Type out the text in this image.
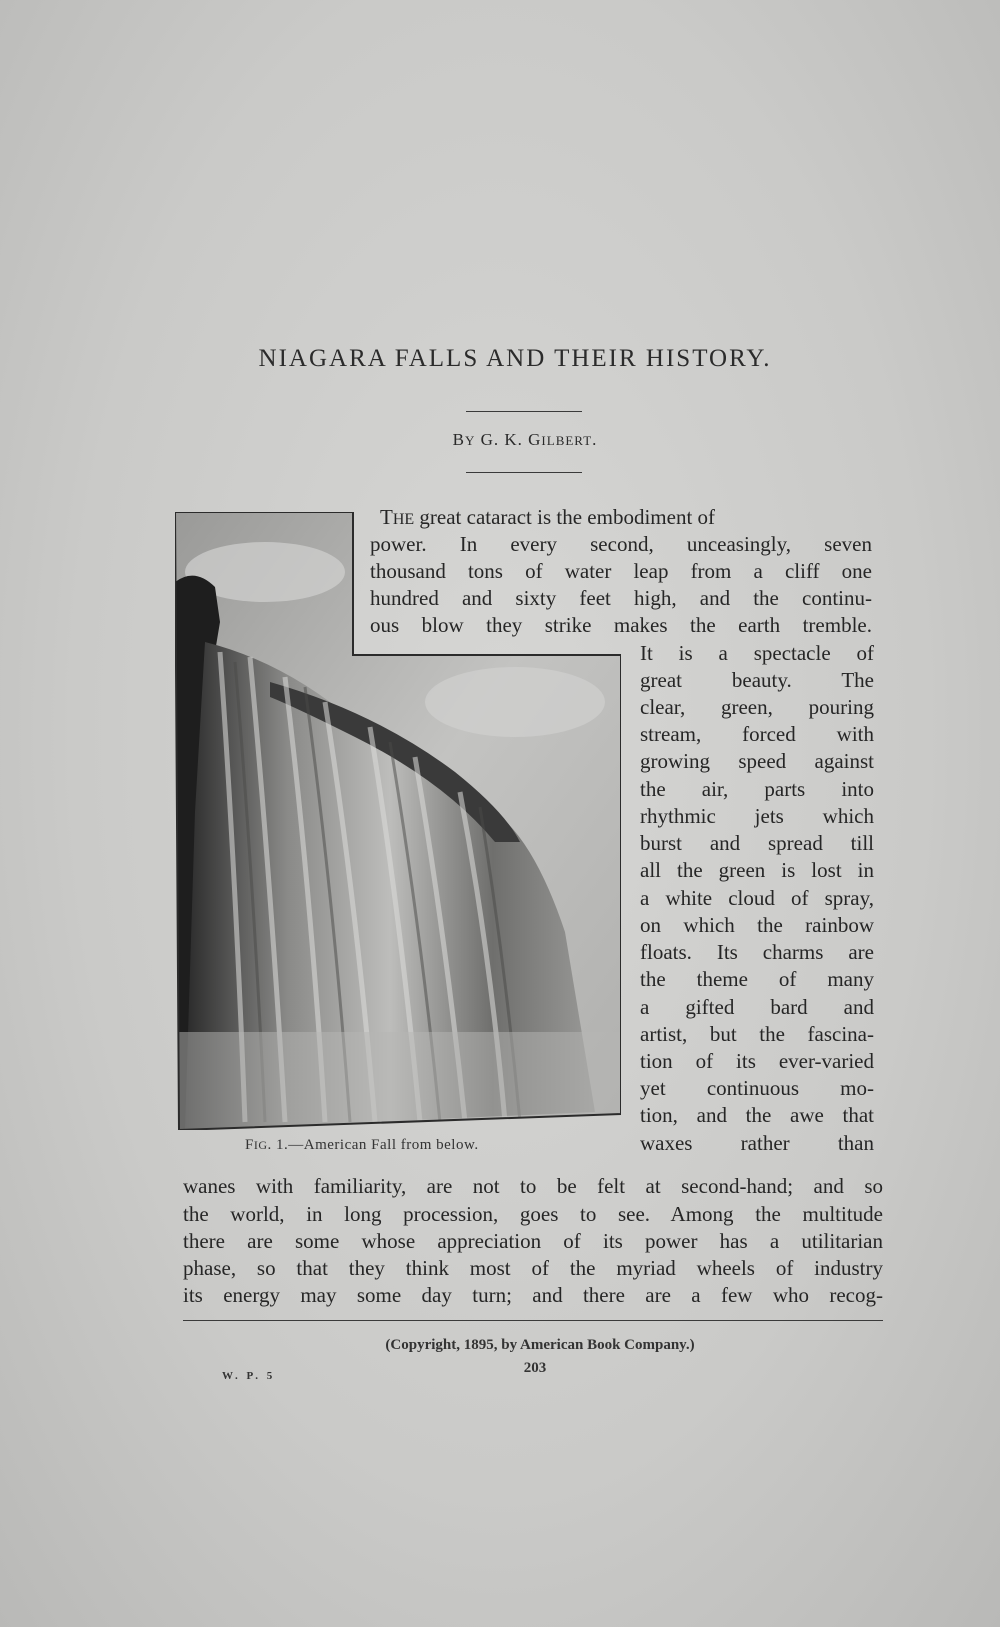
NIAGARA FALLS AND THEIR HISTORY.
BY G. K. GILBERT.
THE great cataract is the embodiment of
power. In every second, unceasingly, seven
thousand tons of water leap from a cliff one
hundred and sixty feet high, and the continu-
ous blow they strike makes the earth tremble.
It is a spectacle of
great beauty. The
clear, green, pouring
stream, forced with
growing speed against
the air, parts into
rhythmic jets which
burst and spread till
all the green is lost in
a white cloud of spray,
on which the rainbow
floats. Its charms are
the theme of many
a gifted bard and
artist, but the fascina-
tion of its ever-varied
yet continuous mo-
tion, and the awe that
waxes rather than
wanes with familiarity, are not to be felt at second-hand; and so
the world, in long procession, goes to see. Among the multitude
there are some whose appreciation of its power has a utilitarian
phase, so that they think most of the myriad wheels of industry
its energy may some day turn; and there are a few who recog-
FIG. 1.—American Fall from below.
(Copyright, 1895, by American Book Company.)
W. P. 5	203
